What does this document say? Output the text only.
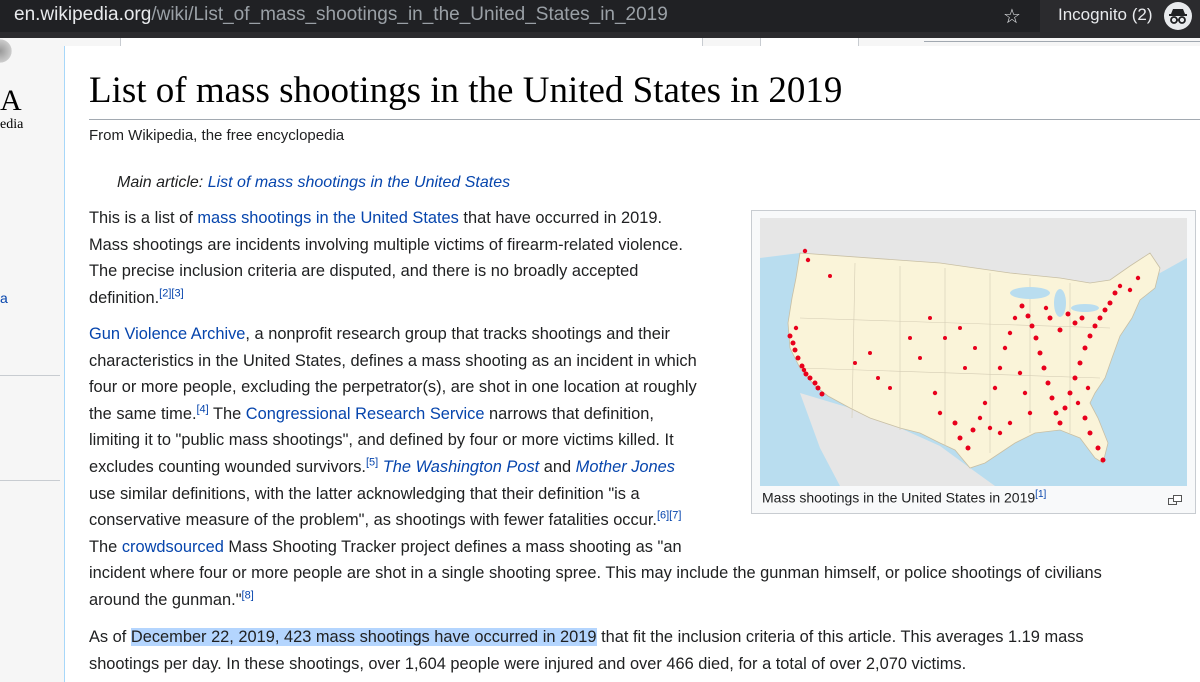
en.wikipedia.org/wiki/List_of_mass_shootings_in_the_United_States_in_2019	☆ Incognito (2)
A
edia
a
List of mass shootings in the United States in 2019
From Wikipedia, the free encyclopedia
Main article: List of mass shootings in the United States
This is a list of mass shootings in the United States that have occurred in 2019.
Mass shootings are incidents involving multiple victims of firearm-related violence.
The precise inclusion criteria are disputed, and there is no broadly accepted
definition.[2][3]
Gun Violence Archive, a nonprofit research group that tracks shootings and their
characteristics in the United States, defines a mass shooting as an incident in which
four or more people, excluding the perpetrator(s), are shot in one location at roughly
the same time.[4] The Congressional Research Service narrows that definition,
limiting it to "public mass shootings", and defined by four or more victims killed. It
excludes counting wounded survivors.[5] The Washington Post and Mother Jones
use similar definitions, with the latter acknowledging that their definition "is a
conservative measure of the problem", as shootings with fewer fatalities occur.[6][7]
The crowdsourced Mass Shooting Tracker project defines a mass shooting as "an
incident where four or more people are shot in a single shooting spree. This may include the gunman himself, or police shootings of civilians
around the gunman."[8]
As of December 22, 2019, 423 mass shootings have occurred in 2019 that fit the inclusion criteria of this article. This averages 1.19 mass
shootings per day. In these shootings, over 1,604 people were injured and over 466 died, for a total of over 2,070 victims.
Mass shootings in the United States in 2019[1]
